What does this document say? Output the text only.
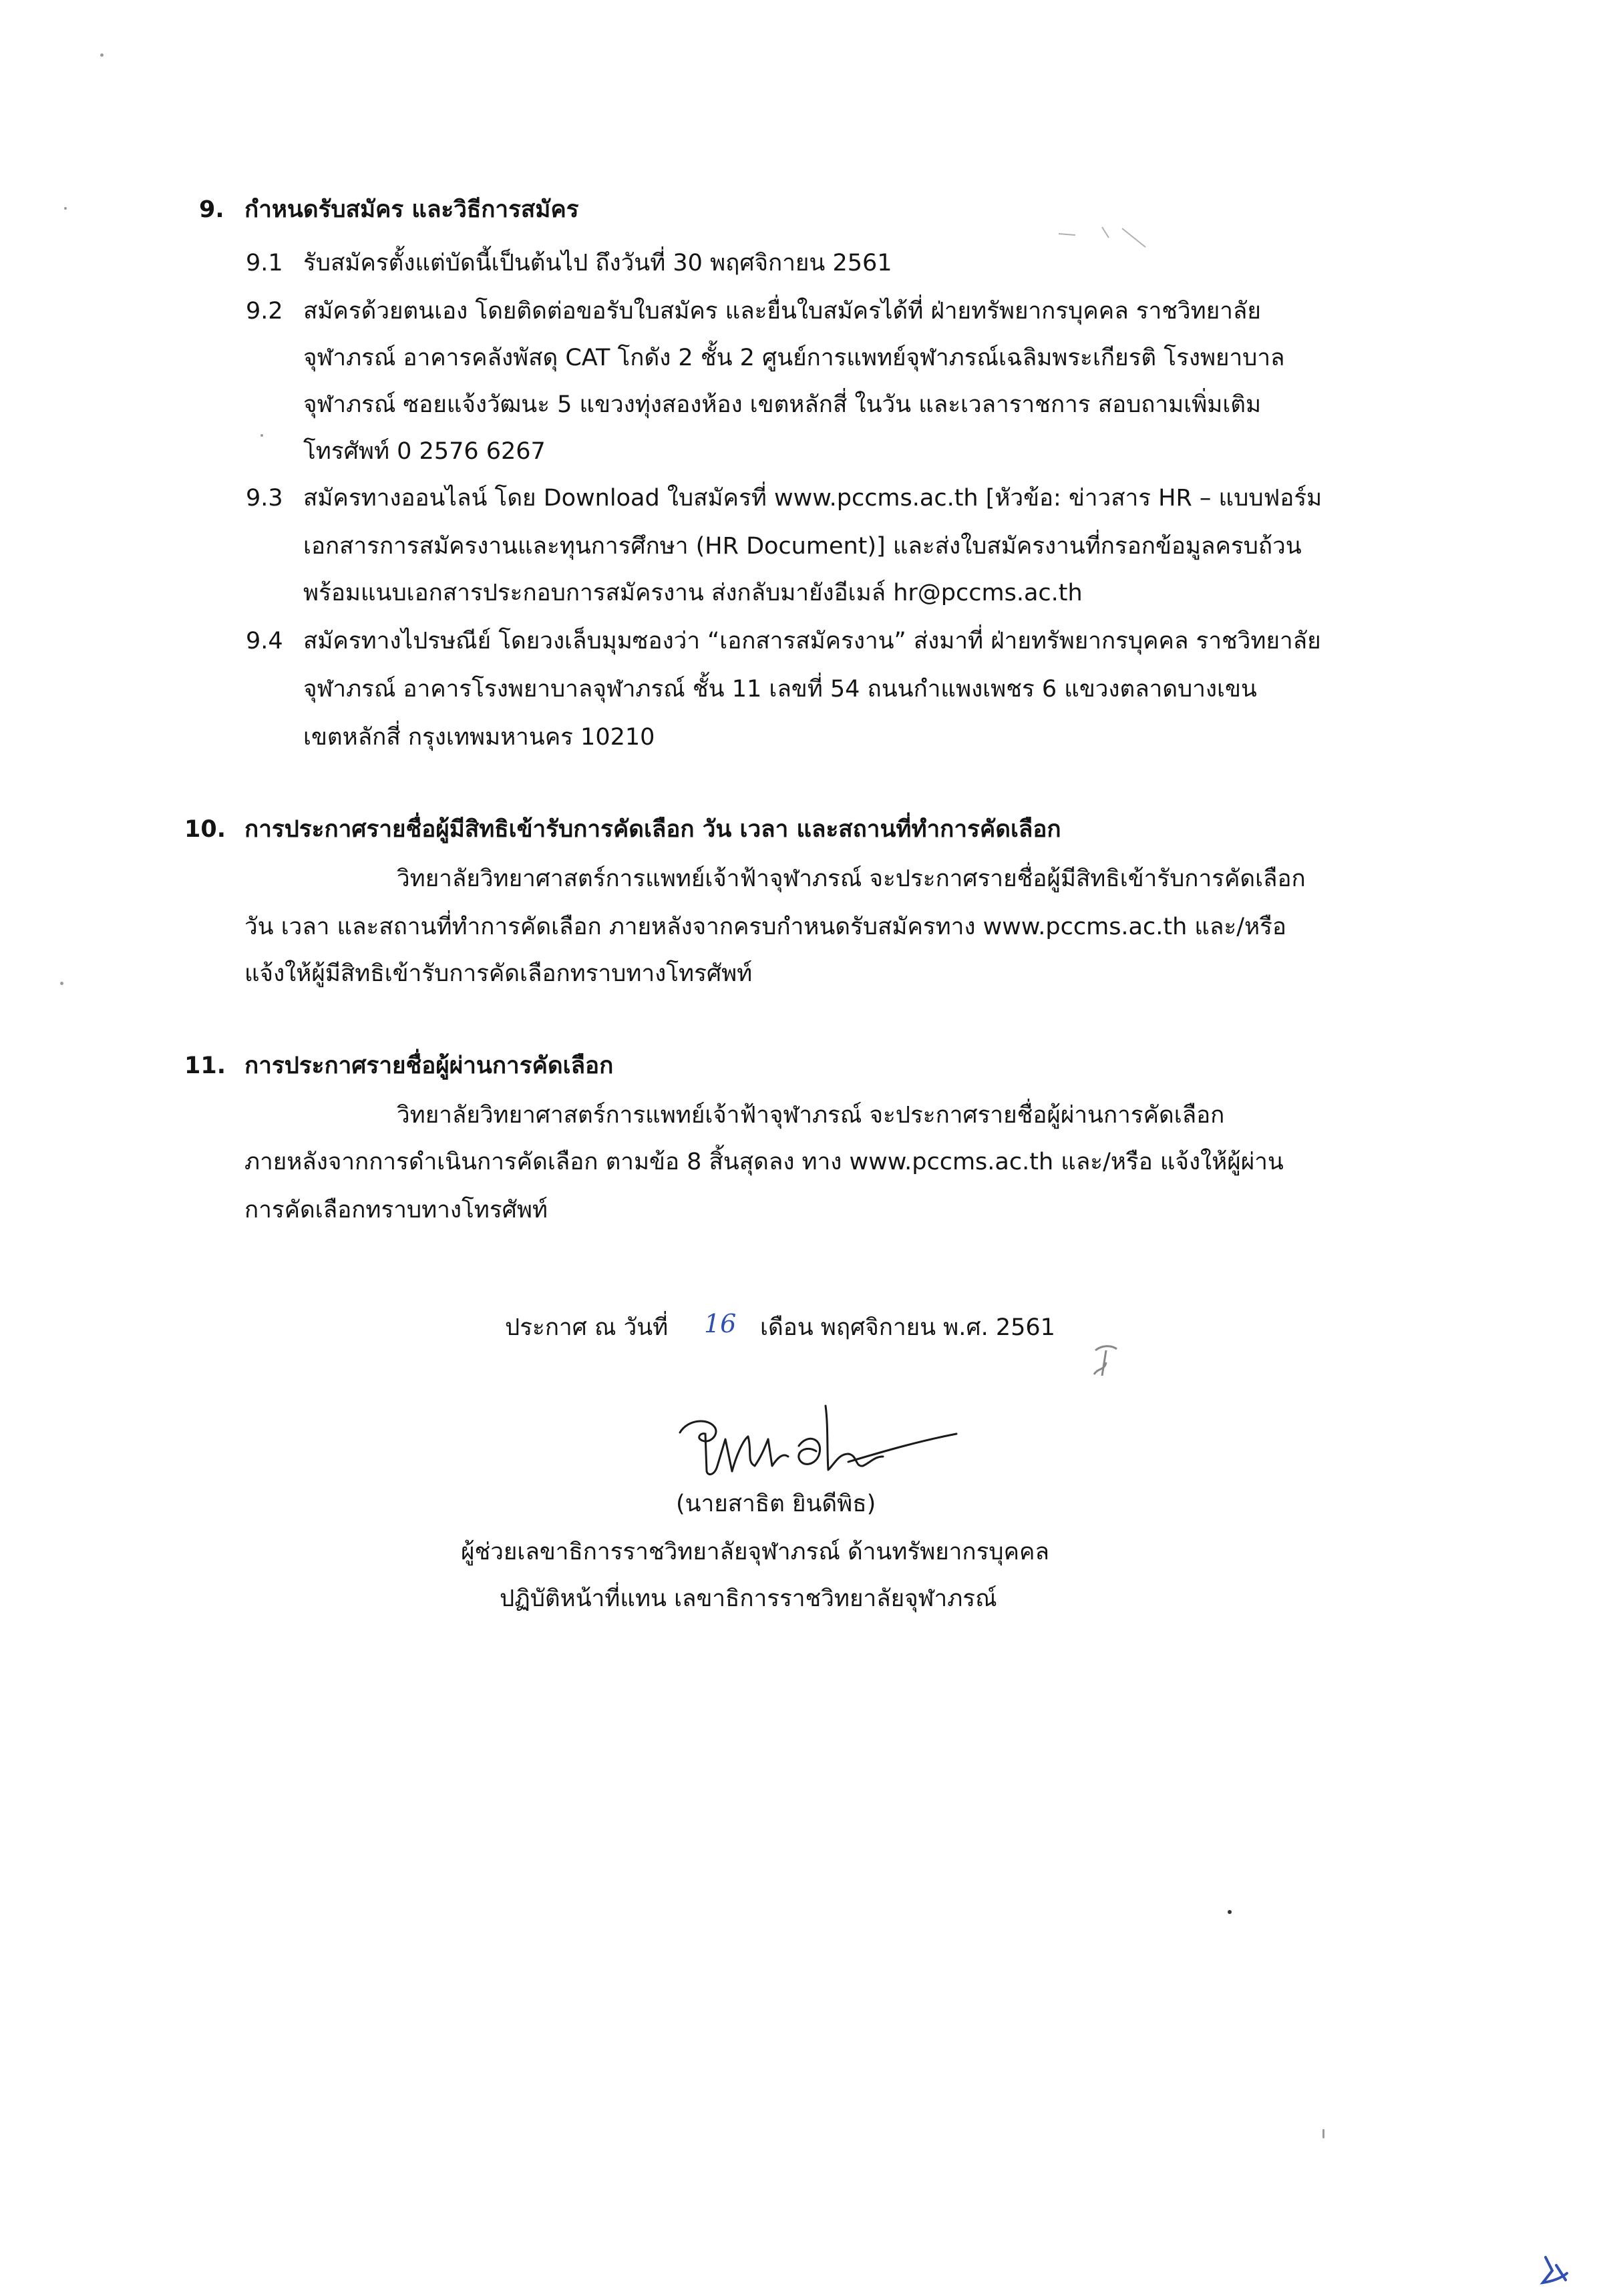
9. กำหนดรับสมัคร และวิธีการสมัคร
9.1 รับสมัครตั้งแต่บัดนี้เป็นต้นไป ถึงวันที่ 30 พฤศจิกายน 2561
9.2 สมัครด้วยตนเอง โดยติดต่อขอรับใบสมัคร และยื่นใบสมัครได้ที่ ฝ่ายทรัพยากรบุคคล ราชวิทยาลัย
จุฬาภรณ์ อาคารคลังพัสดุ CAT โกดัง 2 ชั้น 2 ศูนย์การแพทย์จุฬาภรณ์เฉลิมพระเกียรติ โรงพยาบาล
จุฬาภรณ์ ซอยแจ้งวัฒนะ 5 แขวงทุ่งสองห้อง เขตหลักสี่ ในวัน และเวลาราชการ สอบถามเพิ่มเติม
โทรศัพท์ 0 2576 6267
9.3 สมัครทางออนไลน์ โดย Download ใบสมัครที่ www.pccms.ac.th [หัวข้อ: ข่าวสาร HR – แบบฟอร์ม
เอกสารการสมัครงานและทุนการศึกษา (HR Document)] และส่งใบสมัครงานที่กรอกข้อมูลครบถ้วน
พร้อมแนบเอกสารประกอบการสมัครงาน ส่งกลับมายังอีเมล์ hr@pccms.ac.th
9.4 สมัครทางไปรษณีย์ โดยวงเล็บมุมซองว่า “เอกสารสมัครงาน” ส่งมาที่ ฝ่ายทรัพยากรบุคคล ราชวิทยาลัย
จุฬาภรณ์ อาคารโรงพยาบาลจุฬาภรณ์ ชั้น 11 เลขที่ 54 ถนนกำแพงเพชร 6 แขวงตลาดบางเขน
เขตหลักสี่ กรุงเทพมหานคร 10210
10. การประกาศรายชื่อผู้มีสิทธิเข้ารับการคัดเลือก วัน เวลา และสถานที่ทำการคัดเลือก
วิทยาลัยวิทยาศาสตร์การแพทย์เจ้าฟ้าจุฬาภรณ์ จะประกาศรายชื่อผู้มีสิทธิเข้ารับการคัดเลือก
วัน เวลา และสถานที่ทำการคัดเลือก ภายหลังจากครบกำหนดรับสมัครทาง www.pccms.ac.th และ/หรือ
แจ้งให้ผู้มีสิทธิเข้ารับการคัดเลือกทราบทางโทรศัพท์
11. การประกาศรายชื่อผู้ผ่านการคัดเลือก
วิทยาลัยวิทยาศาสตร์การแพทย์เจ้าฟ้าจุฬาภรณ์ จะประกาศรายชื่อผู้ผ่านการคัดเลือก
ภายหลังจากการดำเนินการคัดเลือก ตามข้อ 8 สิ้นสุดลง ทาง www.pccms.ac.th และ/หรือ แจ้งให้ผู้ผ่าน
การคัดเลือกทราบทางโทรศัพท์
ประกาศ ณ วันที่ 16 เดือน พฤศจิกายน พ.ศ. 2561
(นายสาธิต ยินดีพิธ)
ผู้ช่วยเลขาธิการราชวิทยาลัยจุฬาภรณ์ ด้านทรัพยากรบุคคล
ปฏิบัติหน้าที่แทน เลขาธิการราชวิทยาลัยจุฬาภรณ์
